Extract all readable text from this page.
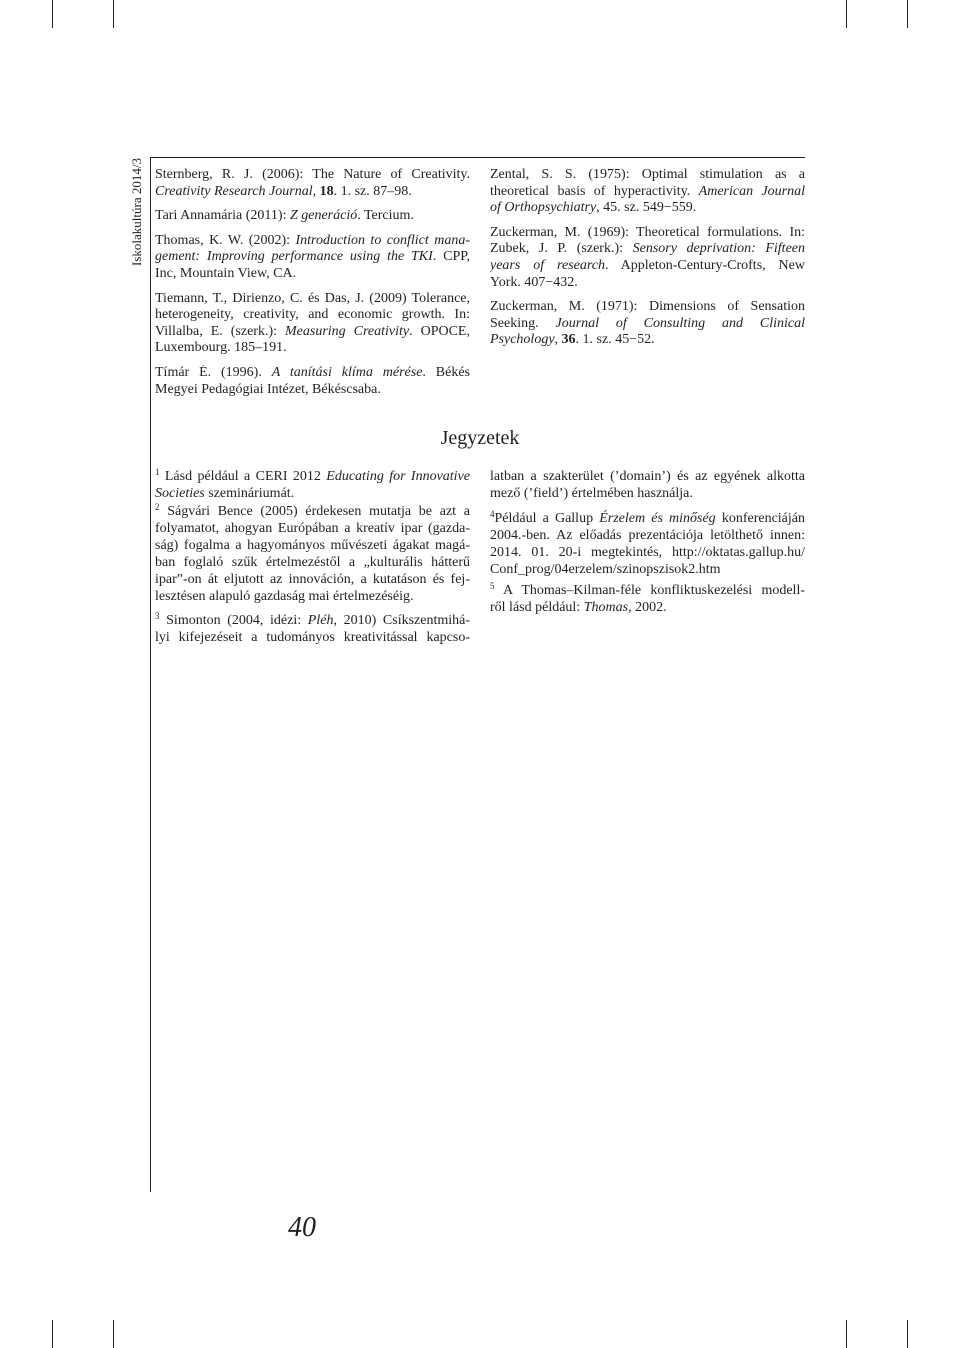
Iskolakultúra 2014/3 Sternberg, R. J. (2006): The Nature of Creativity.
Creativity Research Journal, 18. 1. sz. 87–98.
Tari Annamária (2011): Z generáció. Tercium.
Thomas, K. W. (2002): Introduction to conflict mana-
gement: Improving performance using the TKI. CPP,
Inc, Mountain View, CA.
Tiemann, T., Dirienzo, C. és Das, J. (2009) Tolerance,
heterogeneity, creativity, and economic growth. In:
Villalba, E. (szerk.): Measuring Creativity. OPOCE,
Luxembourg. 185–191.
Tímár É. (1996). A tanítási klíma mérése. Békés
Megyei Pedagógiai Intézet, Békéscsaba.
Zental, S. S. (1975): Optimal stimulation as a
theoretical basis of hyperactivity. American Journal
of Orthopsychiatry, 45. sz. 549−559.
Zuckerman, M. (1969): Theoretical formulations. In:
Zubek, J. P. (szerk.): Sensory deprivation: Fifteen
years of research. Appleton-Century-Crofts, New
York. 407−432.
Zuckerman, M. (1971): Dimensions of Sensation
Seeking. Journal of Consulting and Clinical
Psychology, 36. 1. sz. 45−52.
Jegyzetek
$^1$ Lásd például a CERI 2012 Educating for Innovative
Societies szemináriumát.
$^2$ Ságvári Bence (2005) érdekesen mutatja be azt a
folyamatot, ahogyan Európában a kreatív ipar (gazda-
ság) fogalma a hagyományos művészeti ágakat magá-
ban foglaló szűk értelmezéstől a „kulturális hátterű
ipar”-on át eljutott az innováción, a kutatáson és fej-
lesztésen alapuló gazdaság mai értelmezéséig.
$^3$ Simonton (2004, idézi: Pléh, 2010) Csíkszentmihá-
lyi kifejezéseit a tudományos kreativitással kapcso-
latban a szakterület (’domain’) és az egyének alkotta
mező (’field’) értelmében használja.
$^4$Például a Gallup Érzelem és minőség konferenciáján
2004.-ben. Az előadás prezentációja letölthető innen:
2014. 01. 20-i megtekintés, http://oktatas.gallup.hu/
Conf_prog/04erzelem/szinopszisok2.htm
$^5$ A Thomas–Kilman-féle konfliktuskezelési modell-
ről lásd például: Thomas, 2002.
40
